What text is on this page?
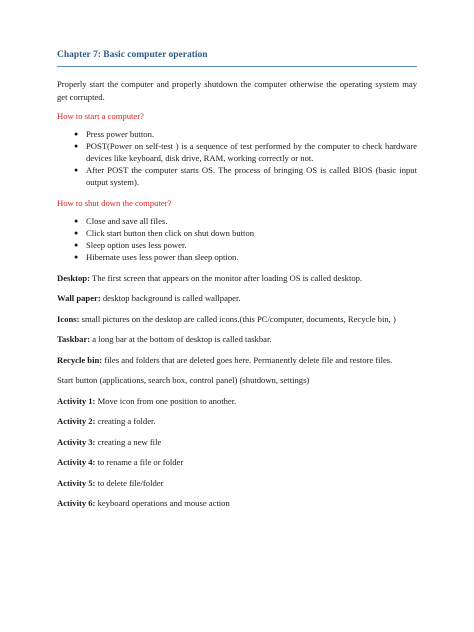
Chapter 7: Basic computer operation

Properly start the computer and properly shutdown the computer otherwise the operating system may get corrupted.

How to start a computer?

● Press power button.
● POST(Power on self-test ) is a sequence of test performed by the computer to check hardware devices like keyboard, disk drive, RAM, working correctly or not.
● After POST the computer starts OS. The process of bringing OS is called BIOS (basic input output system).

How to shut down the computer?

● Close and save all files.
● Click start button then click on shut down button
● Sleep option uses less power.
● Hibernate uses less power than sleep option.

Desktop: The first screen that appears on the monitor after loading OS is called desktop.

Wall paper: desktop background is called wallpaper.

Icons: small pictures on the desktop are called icons.(this PC/computer, documents, Recycle bin, )

Taskbar: a long bar at the bottom of desktop is called taskbar.

Recycle bin: files and folders that are deleted goes here. Permanently delete file and restore files.

Start button (applications, search box, control panel) (shutdown, settings)

Activity 1: Move icon from one position to another.

Activity 2: creating a folder.

Activity 3: creating a new file

Activity 4: to rename a file or folder

Activity 5: to delete file/folder

Activity 6: keyboard operations and mouse action
